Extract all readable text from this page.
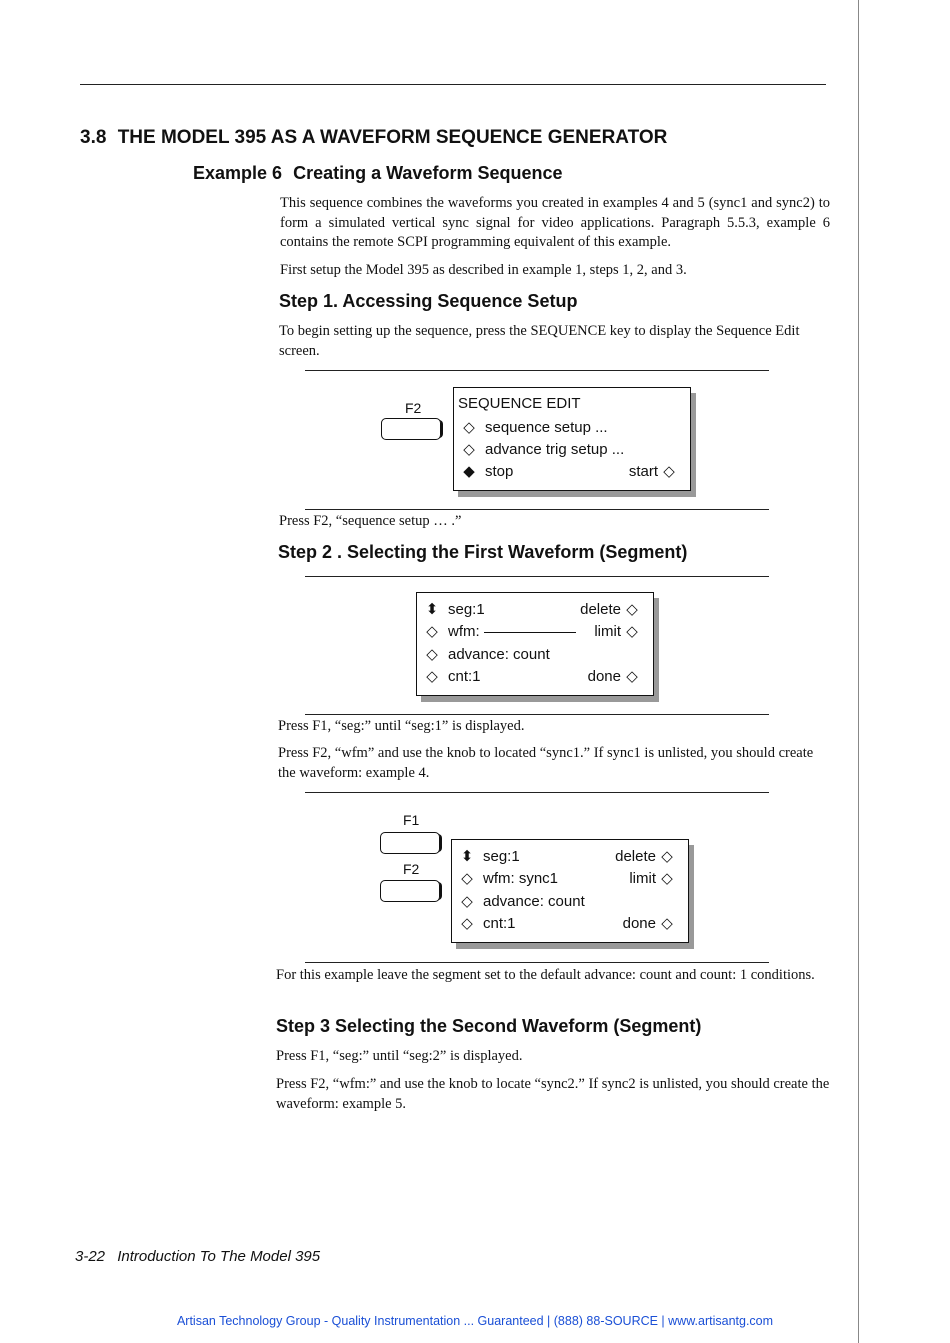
3.8 THE MODEL 395 AS A WAVEFORM SEQUENCE GENERATOR
Example 6 Creating a Waveform Sequence
This sequence combines the waveforms you created in examples 4 and 5 (sync1 and sync2) to form a simulated vertical sync signal for video applications. Paragraph 5.5.3, example 6 contains the remote SCPI programming equivalent of this example.
First setup the Model 395 as described in example 1, steps 1, 2, and 3.
Step 1. Accessing Sequence Setup
To begin setting up the sequence, press the SEQUENCE key to display the Sequence Edit screen.
F2 SEQUENCE EDIT
◇ sequence setup ...
◇ advance trig setup ...
◆ stop	start ◇
Press F2, “sequence setup … .”
Step 2 . Selecting the First Waveform (Segment)
⬍ seg:1	delete ◇
◇ wfm:	limit ◇
◇ advance: count
◇ cnt:1	done ◇
Press F1, “seg:” until “seg:1” is displayed.
Press F2, “wfm” and use the knob to located “sync1.” If sync1 is unlisted, you should create the waveform: example 4.
F1
F2
⬍ seg:1	delete ◇
◇ wfm: sync1	limit ◇
◇ advance: count
◇ cnt:1	done ◇
For this example leave the segment set to the default advance: count and count: 1 conditions.
Step 3 Selecting the Second Waveform (Segment)
Press F1, “seg:” until “seg:2” is displayed.
Press F2, “wfm:” and use the knob to locate “sync2.” If sync2 is unlisted, you should create the waveform: example 5.
3-22 Introduction To The Model 395
Artisan Technology Group - Quality Instrumentation ... Guaranteed | (888) 88-SOURCE | www.artisantg.com
